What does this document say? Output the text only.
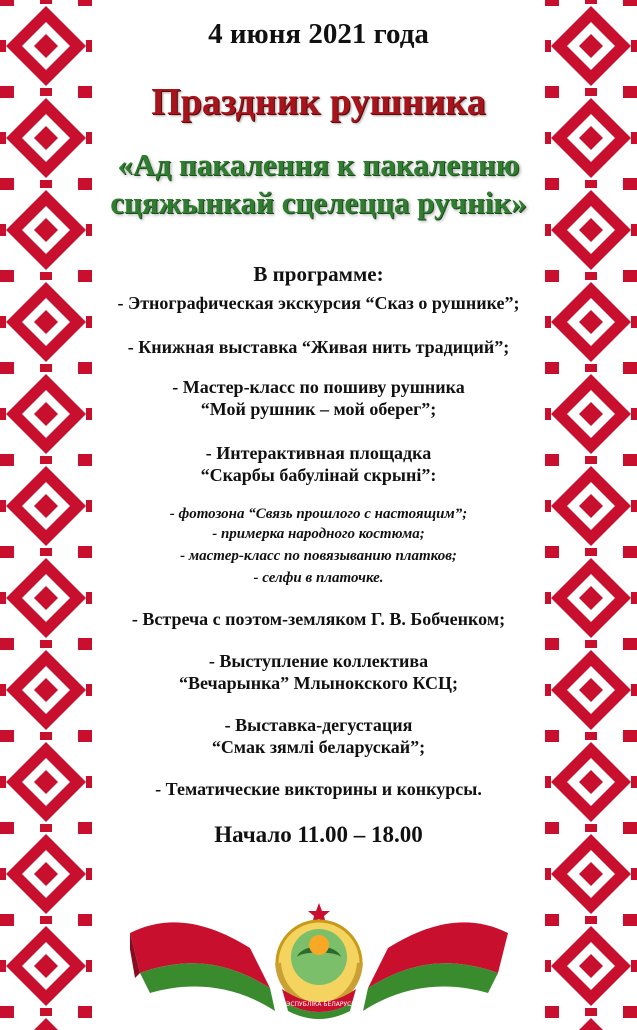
4 июня 2021 года
Праздник рушника
«Ад пакалення к пакаленню
сцяжынкай сцелецца ручнік»
В программе:
- Этнографическая экскурсия “Сказ о рушнике”;
- Книжная выставка “Живая нить традиций”;
- Мастер-класс по пошиву рушника
“Мой рушник – мой оберег”;
- Интерактивная площадка
“Скарбы бабулінай скрыні”:
- фотозона “Связь прошлого с настоящим”;
- примерка народного костюма;
- мастер-класс по повязыванию платков;
- селфи в платочке.
- Встреча с поэтом-земляком Г. В. Бобченком;
- Выступление коллектива
“Вечарынка” Млынокского КСЦ;
- Выставка-дегустация
“Смак зямлі беларускай”;
- Тематические викторины и конкурсы.
Начало 11.00 – 18.00
РЭСПУБЛІКА БЕЛАРУСЬ
